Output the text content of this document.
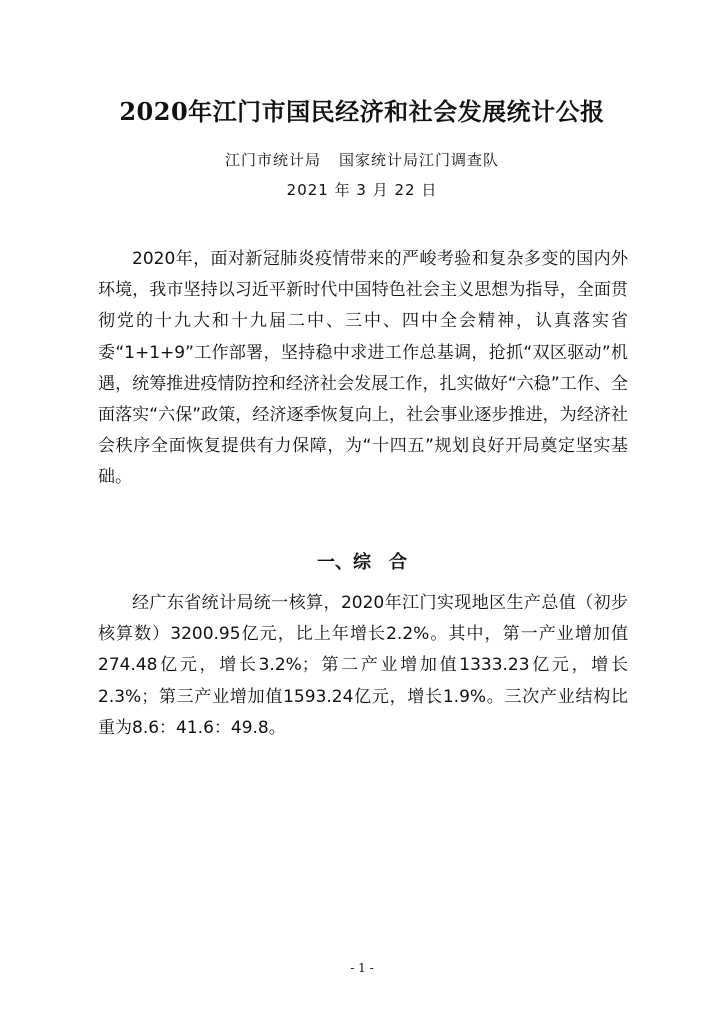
2020年江门市国民经济和社会发展统计公报
江门市统计局 国家统计局江门调查队
2021 年 3 月 22 日

2020年，面对新冠肺炎疫情带来的严峻考验和复杂多变的国内外环境，我市坚持以习近平新时代中国特色社会主义思想为指导，全面贯彻党的十九大和十九届二中、三中、四中全会精神，认真落实省委“1+1+9”工作部署，坚持稳中求进工作总基调，抢抓“双区驱动”机遇，统筹推进疫情防控和经济社会发展工作，扎实做好“六稳”工作、全面落实“六保”政策，经济逐季恢复向上，社会事业逐步推进，为经济社会秩序全面恢复提供有力保障，为“十四五”规划良好开局奠定坚实基础。

一、综　合

经广东省统计局统一核算，2020年江门实现地区生产总值（初步核算数）3200.95亿元，比上年增长2.2%。其中，第一产业增加值274.48亿元，增长3.2%；第二产业增加值1333.23亿元，增长2.3%；第三产业增加值1593.24亿元，增长1.9%。三次产业结构比重为8.6：41.6：49.8。

- 1 -
